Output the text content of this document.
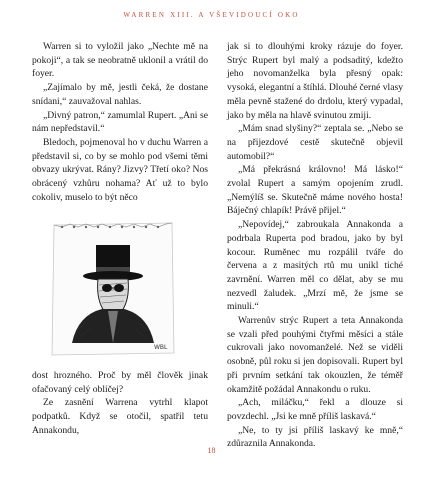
WARREN XIII. A VŠEVIDOUCÍ OKO

Warren si to vyložil jako „Nechte mě na pokoji“, a tak se neobratně uklonil a vrátil do foyer.

„Zajímalo by mě, jestli čeká, že dostane snídani,“ zauvažoval nahlas.

„Divný patron,“ zamumlal Rupert. „Ani se nám nepředstavil.“

Bledoch, pojmenoval ho v duchu Warren a představil si, co by se mohlo pod všemi těmi obvazy ukrývat. Rány? Jizvy? Třetí oko? Nos obrácený vzhůru nohama? Ať už to bylo cokoliv, muselo to být něco

WBL

dost hrozného. Proč by měl člověk jinak ofačovaný celý obličej?

Ze zasnění Warrena vytrhl klapot podpatků. Když se otočil, spatřil tetu Annakondu,

jak si to dlouhými kroky rázuje do foyer. Strýc Rupert byl malý a podsaditý, kdežto jeho novomanželka byla přesný opak: vysoká, elegantní a štíhlá. Dlouhé černé vlasy měla pevně stažené do drdolu, který vypadal, jako by měla na hlavě svinutou zmiji.

„Mám snad slyšiny?“ zeptala se. „Nebo se na přijezdové cestě skutečně objevil automobil?“

„Má překrásná královno! Má lásko!“ zvolal Rupert a samým opojením zrudl. „Nemýlíš se. Skutečně máme nového hosta! Báječný chlapík! Právě přijel.“

„Nepovídej,“ zabroukala Annakonda a podrbala Ruperta pod bradou, jako by byl kocour. Ruměnec mu rozpálil tváře do červena a z masitých rtů mu unikl tiché zavrnění. Warren měl co dělat, aby se mu nezvedl žaludek. „Mrzí mě, že jsme se minuli.“

Warrenův strýc Rupert a teta Annakonda se vzali před pouhými čtyřmi měsíci a stále cukrovali jako novomanželé. Než se viděli osobně, půl roku si jen dopisovali. Rupert byl při prvním setkání tak okouzlen, že téměř okamžitě požádal Annakondu o ruku.

„Ach, miláčku,“ řekl a dlouze si povzdechl. „Jsi ke mně příliš laskavá.“

„Ne, to ty jsi příliš laskavý ke mně,“ zdůraznila Annakonda.

18
